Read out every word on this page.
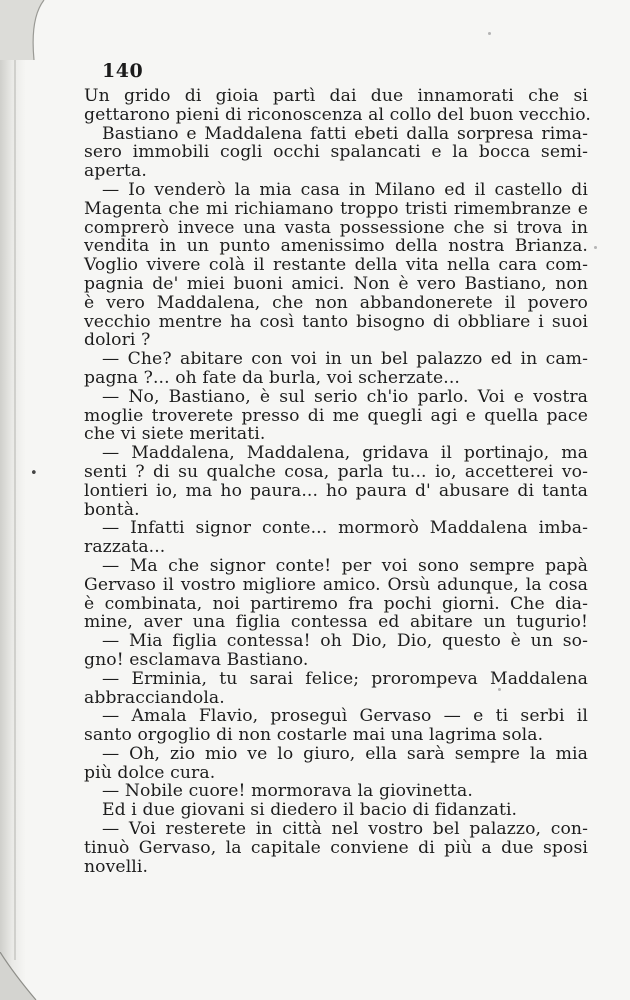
140
•
Un grido di gioia partì dai due innamorati che si
gettarono pieni di riconoscenza al collo del buon vecchio.
Bastiano e Maddalena fatti ebeti dalla sorpresa rima-
sero immobili cogli occhi spalancati e la bocca semi-
aperta.
— Io venderò la mia casa in Milano ed il castello di
Magenta che mi richiamano troppo tristi rimembranze e
comprerò invece una vasta possessione che si trova in
vendita in un punto amenissimo della nostra Brianza.
Voglio vivere colà il restante della vita nella cara com-
pagnia de' miei buoni amici. Non è vero Bastiano, non
è vero Maddalena, che non abbandonerete il povero
vecchio mentre ha così tanto bisogno di obbliare i suoi
dolori ?
— Che? abitare con voi in un bel palazzo ed in cam-
pagna ?... oh fate da burla, voi scherzate...
— No, Bastiano, è sul serio ch'io parlo. Voi e vostra
moglie troverete presso di me quegli agi e quella pace
che vi siete meritati.
— Maddalena, Maddalena, gridava il portinajo, ma
senti ? di su qualche cosa, parla tu... io, accetterei vo-
lontieri io, ma ho paura... ho paura d' abusare di tanta
bontà.
— Infatti signor conte... mormorò Maddalena imba-
razzata...
— Ma che signor conte! per voi sono sempre papà
Gervaso il vostro migliore amico. Orsù adunque, la cosa
è combinata, noi partiremo fra pochi giorni. Che dia-
mine, aver una figlia contessa ed abitare un tugurio!
— Mia figlia contessa! oh Dio, Dio, questo è un so-
gno! esclamava Bastiano.
— Erminia, tu sarai felice; prorompeva Maddalena
abbracciandola.
— Amala Flavio, proseguì Gervaso — e ti serbi il
santo orgoglio di non costarle mai una lagrima sola.
— Oh, zio mio ve lo giuro, ella sarà sempre la mia
più dolce cura.
— Nobile cuore! mormorava la giovinetta.
Ed i due giovani si diedero il bacio di fidanzati.
— Voi resterete in città nel vostro bel palazzo, con-
tinuò Gervaso, la capitale conviene di più a due sposi
novelli.
